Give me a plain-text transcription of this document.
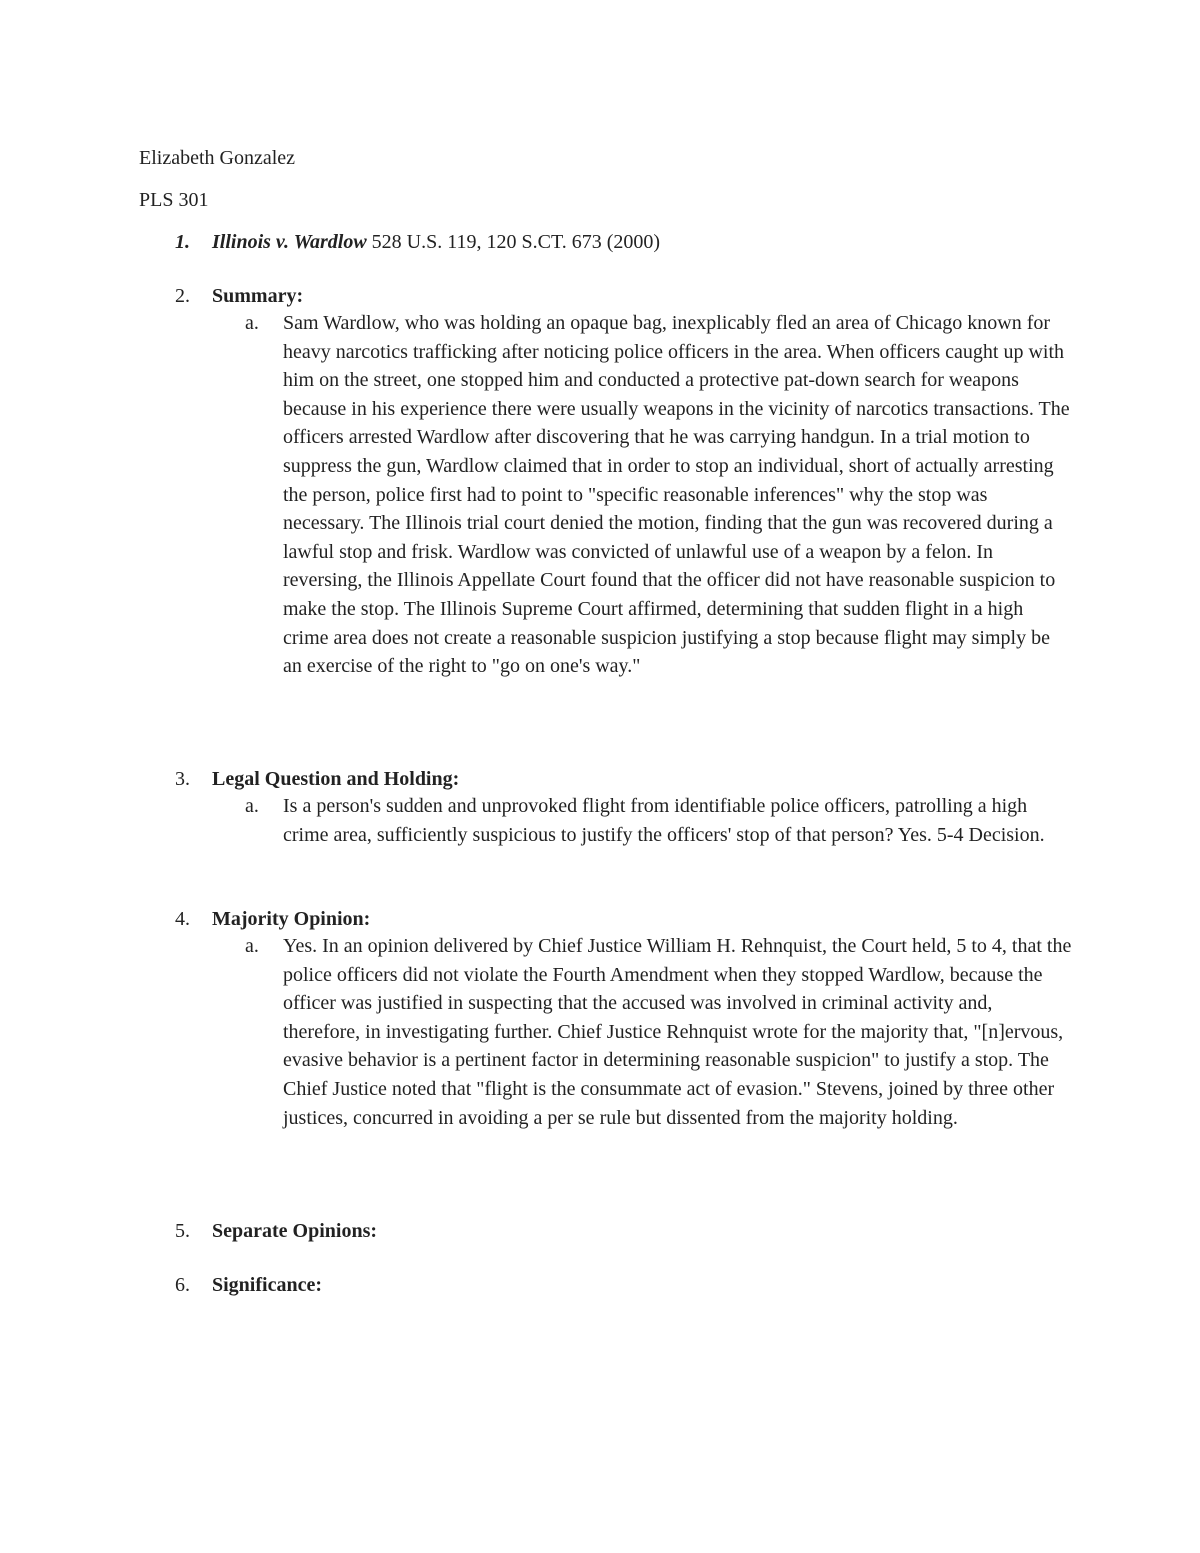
Elizabeth Gonzalez
PLS 301
1.	Illinois v. Wardlow 528 U.S. 119, 120 S.CT. 673 (2000)
2.	Summary:
a. Sam Wardlow, who was holding an opaque bag, inexplicably fled an area of Chicago known for heavy narcotics trafficking after noticing police officers in the area. When officers caught up with him on the street, one stopped him and conducted a protective pat-down search for weapons because in his experience there were usually weapons in the vicinity of narcotics transactions. The officers arrested Wardlow after discovering that he was carrying handgun. In a trial motion to suppress the gun, Wardlow claimed that in order to stop an individual, short of actually arresting the person, police first had to point to "specific reasonable inferences" why the stop was necessary. The Illinois trial court denied the motion, finding that the gun was recovered during a lawful stop and frisk. Wardlow was convicted of unlawful use of a weapon by a felon. In reversing, the Illinois Appellate Court found that the officer did not have reasonable suspicion to make the stop. The Illinois Supreme Court affirmed, determining that sudden flight in a high crime area does not create a reasonable suspicion justifying a stop because flight may simply be an exercise of the right to "go on one's way."
3.	Legal Question and Holding:
a. Is a person's sudden and unprovoked flight from identifiable police officers, patrolling a high crime area, sufficiently suspicious to justify the officers' stop of that person? Yes. 5-4 Decision.
4.	Majority Opinion:
a. Yes. In an opinion delivered by Chief Justice William H. Rehnquist, the Court held, 5 to 4, that the police officers did not violate the Fourth Amendment when they stopped Wardlow, because the officer was justified in suspecting that the accused was involved in criminal activity and, therefore, in investigating further. Chief Justice Rehnquist wrote for the majority that, "[n]ervous, evasive behavior is a pertinent factor in determining reasonable suspicion" to justify a stop. The Chief Justice noted that "flight is the consummate act of evasion." Stevens, joined by three other justices, concurred in avoiding a per se rule but dissented from the majority holding.
5.	Separate Opinions:
6.	Significance:
